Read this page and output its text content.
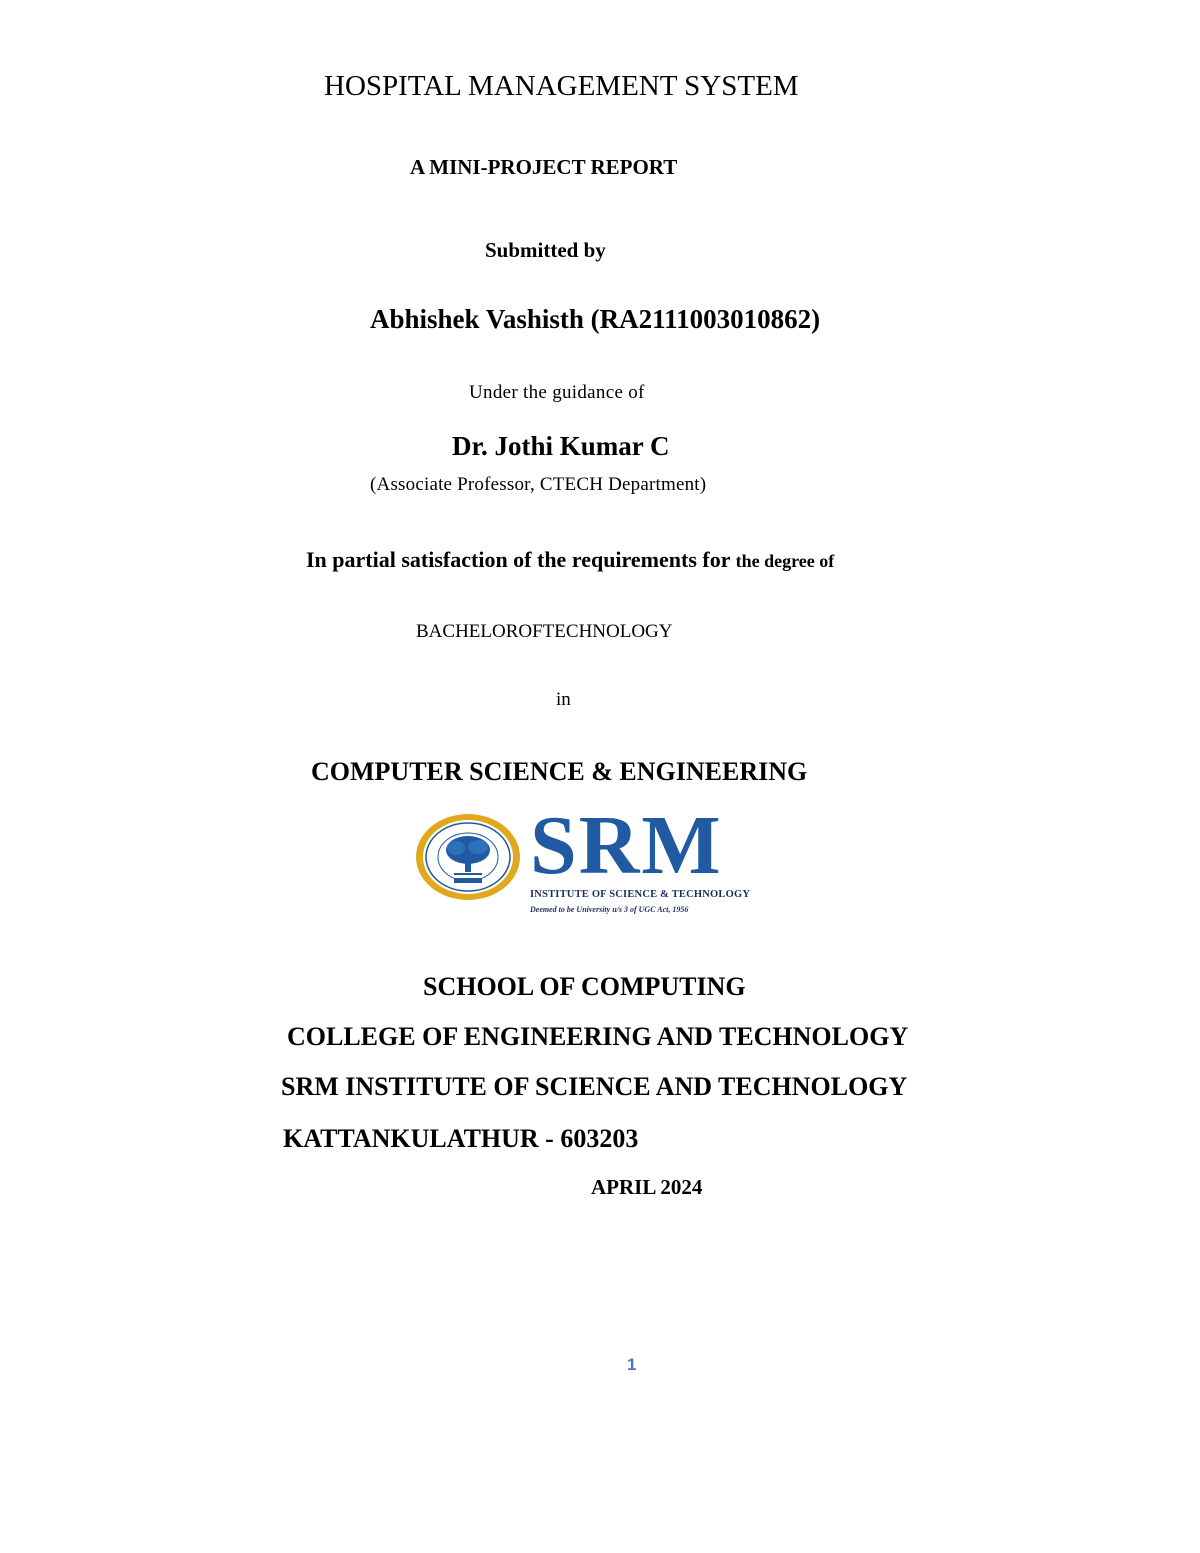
HOSPITAL MANAGEMENT SYSTEM
A MINI-PROJECT REPORT
Submitted by
Abhishek Vashisth (RA2111003010862)
Under the guidance of
Dr. Jothi Kumar C
(Associate Professor, CTECH Department)
In partial satisfaction of the requirements for the degree of
BACHELOROFTECHNOLOGY
in
COMPUTER SCIENCE & ENGINEERING
SRM
INSTITUTE OF SCIENCE & TECHNOLOGY
Deemed to be University u/s 3 of UGC Act, 1956
SCHOOL OF COMPUTING
COLLEGE OF ENGINEERING AND TECHNOLOGY
SRM INSTITUTE OF SCIENCE AND TECHNOLOGY
KATTANKULATHUR - 603203
APRIL 2024
1
